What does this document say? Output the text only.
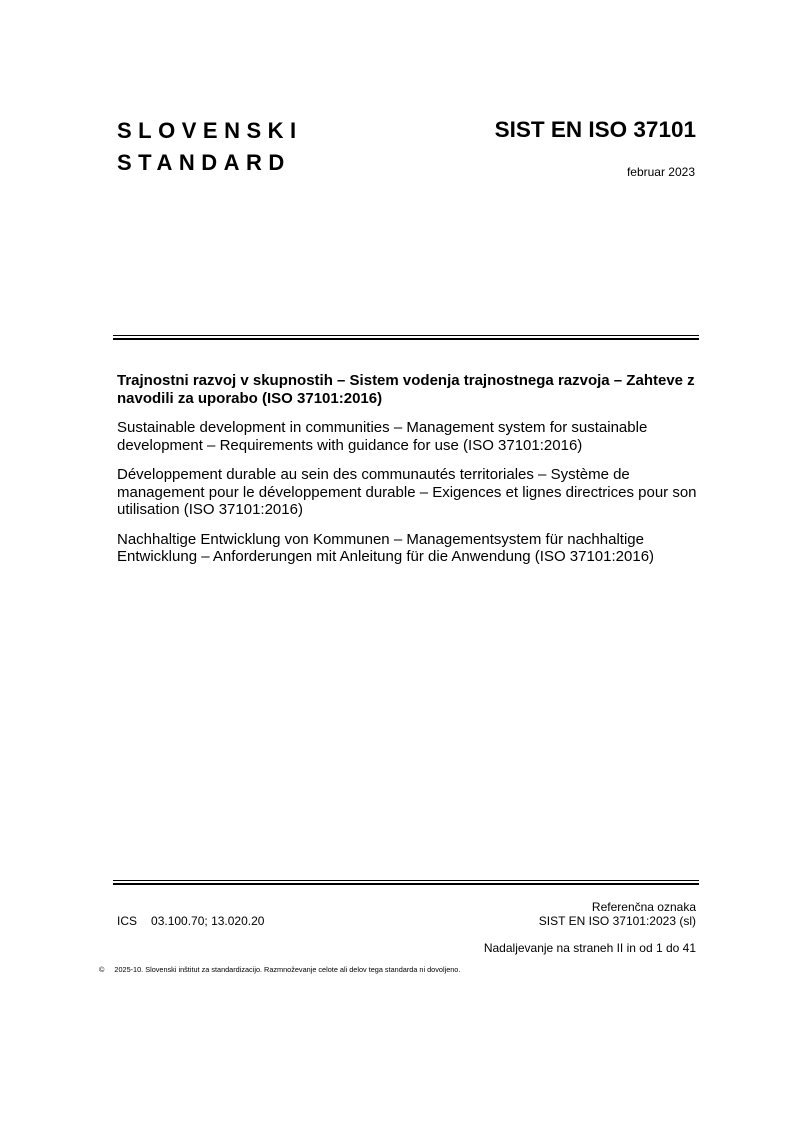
SLOVENSKI
STANDARD
SIST EN ISO 37101
februar 2023

Trajnostni razvoj v skupnostih – Sistem vodenja trajnostnega razvoja – Zahteve z navodili za uporabo (ISO 37101:2016)

Sustainable development in communities – Management system for sustainable development – Requirements with guidance for use (ISO 37101:2016)

Développement durable au sein des communautés territoriales – Système de management pour le développement durable – Exigences et lignes directrices pour son utilisation (ISO 37101:2016)

Nachhaltige Entwicklung von Kommunen – Managementsystem für nachhaltige Entwicklung – Anforderungen mit Anleitung für die Anwendung (ISO 37101:2016)

Referenčna oznaka
SIST EN ISO 37101:2023 (sl)
ICS 03.100.70; 13.020.20
Nadaljevanje na straneh II in od 1 do 41
© 2025-10. Slovenski inštitut za standardizacijo. Razmnoževanje celote ali delov tega standarda ni dovoljeno.
